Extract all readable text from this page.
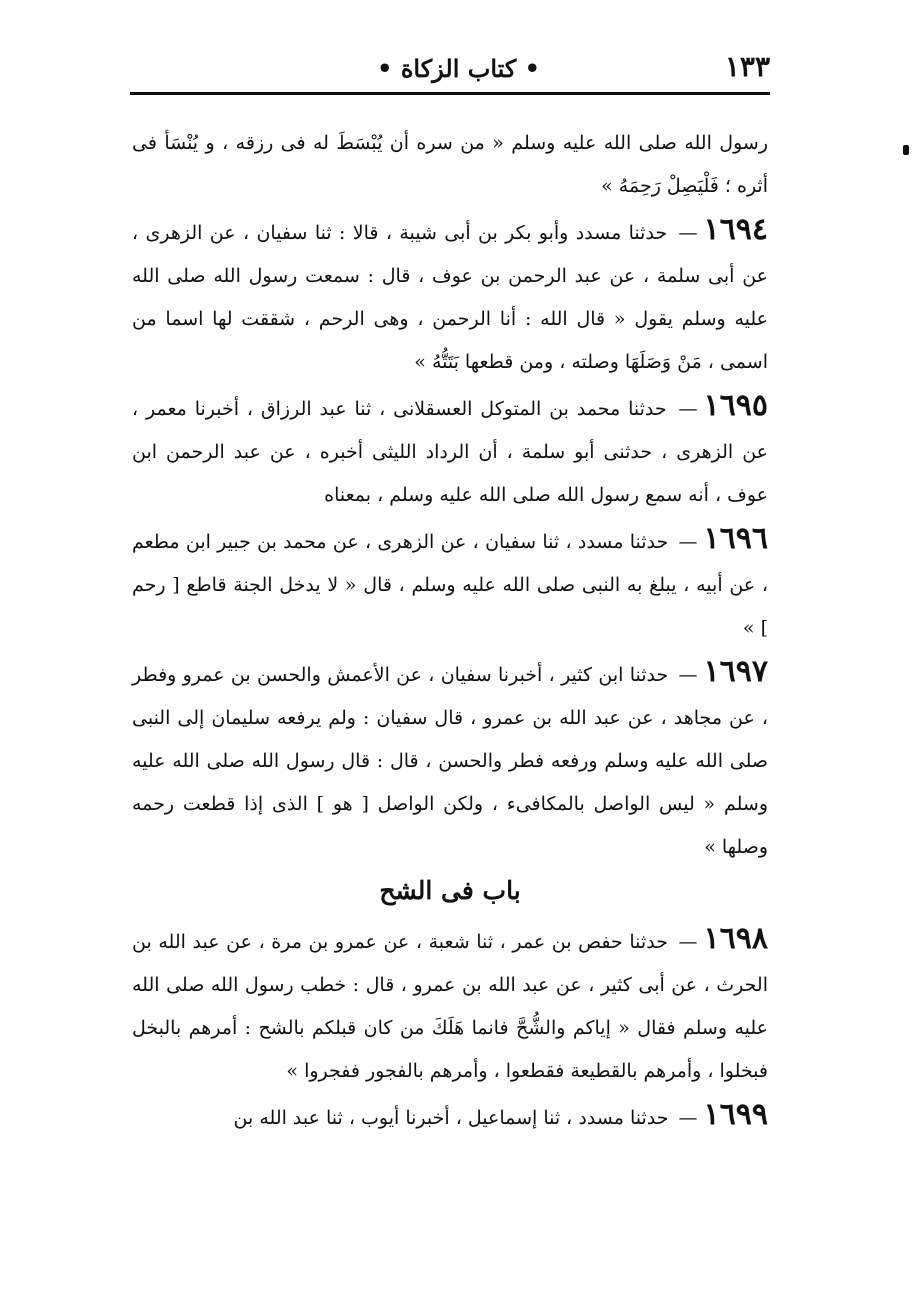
١٣٣
• كتاب الزكاة •

رسول الله صلى الله عليه وسلم « من سره أن يُبْسَطَ له فى رزقه ، و يُنْسَأ فى أثره ؛ فَلْيَصِلْ رَحِمَهُ »

١٦٩٤— حدثنا مسدد وأبو بكر بن أبى شيبة ، قالا : ثنا سفيان ، عن الزهرى ، عن أبى سلمة ، عن عبد الرحمن بن عوف ، قال : سمعت رسول الله صلى الله عليه وسلم يقول « قال الله : أنا الرحمن ، وهى الرحم ، شققت لها اسما من اسمى ، مَنْ وَصَلَهَا وصلته ، ومن قطعها بَتَتُّهُ »

١٦٩٥— حدثنا محمد بن المتوكل العسقلانى ، ثنا عبد الرزاق ، أخبرنا معمر ، عن الزهرى ، حدثنى أبو سلمة ، أن الرداد الليثى أخبره ، عن عبد الرحمن ابن عوف ، أنه سمع رسول الله صلى الله عليه وسلم ، بمعناه

١٦٩٦— حدثنا مسدد ، ثنا سفيان ، عن الزهرى ، عن محمد بن جبير ابن مطعم ، عن أبيه ، يبلغ به النبى صلى الله عليه وسلم ، قال « لا يدخل الجنة قاطع [ رحم ] »

١٦٩٧— حدثنا ابن كثير ، أخبرنا سفيان ، عن الأعمش والحسن بن عمرو وفطر ، عن مجاهد ، عن عبد الله بن عمرو ، قال سفيان : ولم يرفعه سليمان إلى النبى صلى الله عليه وسلم ورفعه فطر والحسن ، قال : قال رسول الله صلى الله عليه وسلم « ليس الواصل بالمكافىء ، ولكن الواصل [ هو ] الذى إذا قطعت رحمه وصلها »

باب فى الشح

١٦٩٨— حدثنا حفص بن عمر ، ثنا شعبة ، عن عمرو بن مرة ، عن عبد الله بن الحرث ، عن أبى كثير ، عن عبد الله بن عمرو ، قال : خطب رسول الله صلى الله عليه وسلم فقال « إياكم والشُّحَّ فانما هَلَكَ من كان قبلكم بالشح : أمرهم بالبخل فبخلوا ، وأمرهم بالقطيعة فقطعوا ، وأمرهم بالفجور ففجروا »

١٦٩٩— حدثنا مسدد ، ثنا إسماعيل ، أخبرنا أيوب ، ثنا عبد الله بن
